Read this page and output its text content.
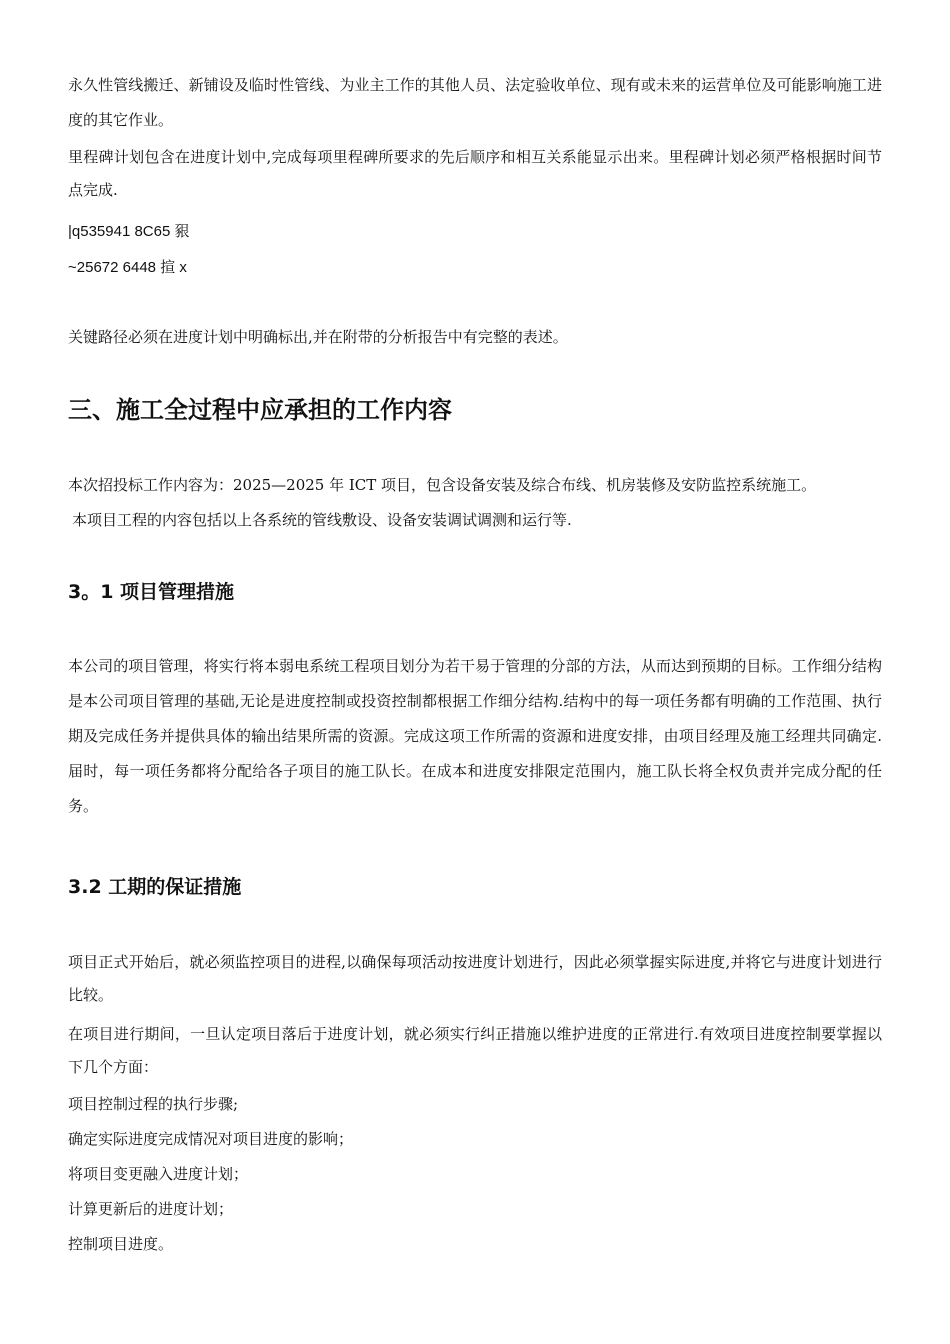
永久性管线搬迁、新铺设及临时性管线、为业主工作的其他人员、法定验收单位、现有或未来的运营单位及可能影响施工进度的其它作业。

里程碑计划包含在进度计划中,完成每项里程碑所要求的先后顺序和相互关系能显示出来。里程碑计划必须严格根据时间节点完成.

|q535941 8C65 豤

~25672 6448 揎 x

关键路径必须在进度计划中明确标出,并在附带的分析报告中有完整的表述。

三、施工全过程中应承担的工作内容

本次招投标工作内容为：2025—2025 年 ICT 项目，包含设备安装及综合布线、机房装修及安防监控系统施工。

本项目工程的内容包括以上各系统的管线敷设、设备安装调试调测和运行等.

3。1 项目管理措施

本公司的项目管理，将实行将本弱电系统工程项目划分为若干易于管理的分部的方法，从而达到预期的目标。工作细分结构是本公司项目管理的基础,无论是进度控制或投资控制都根据工作细分结构.结构中的每一项任务都有明确的工作范围、执行期及完成任务并提供具体的输出结果所需的资源。完成这项工作所需的资源和进度安排，由项目经理及施工经理共同确定.届时，每一项任务都将分配给各子项目的施工队长。在成本和进度安排限定范围内，施工队长将全权负责并完成分配的任务。

3.2 工期的保证措施

项目正式开始后，就必须监控项目的进程,以确保每项活动按进度计划进行，因此必须掌握实际进度,并将它与进度计划进行比较。

在项目进行期间，一旦认定项目落后于进度计划，就必须实行纠正措施以维护进度的正常进行.有效项目进度控制要掌握以下几个方面：

项目控制过程的执行步骤;

确定实际进度完成情况对项目进度的影响；

将项目变更融入进度计划；

计算更新后的进度计划；

控制项目进度。
